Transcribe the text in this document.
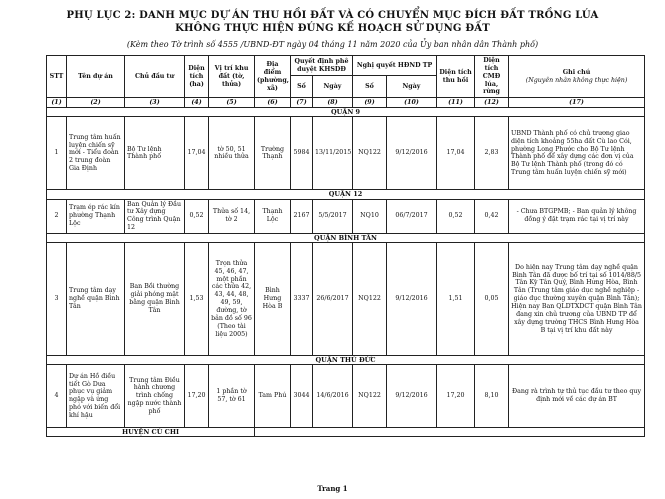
PHỤ LỤC 2: DANH MỤC DỰ ÁN THU HỒI ĐẤT VÀ CÓ CHUYỂN MỤC ĐÍCH ĐẤT TRỒNG LÚA
KHÔNG THỰC HIỆN ĐÚNG KẾ HOẠCH SỬ DỤNG ĐẤT
(Kèm theo Tờ trình số 4555 /UBND-ĐT ngày 04 tháng 11 năm 2020 của Ủy ban nhân dân Thành phố)
STT	Tên dự án	Chủ đầu tư	Diện tích (ha)	Vị trí khu đất (tờ, thửa)	Địa điểm (phường, xã)	Quyết định phê duyệt KHSDĐ		Nghị quyết HĐND TP		Diện tích thu hồi	Diện tích CMĐ lúa, rừng	Ghi chú
(Nguyên nhân không thực hiện)

						Số	Ngày	Số	Ngày			
(1)	(2)	(3)	(4)	(5)	(6)	(7)	(8)	(9)	(10)	(11)	(12)	(17)
QUẬN 9												
1	Trung tâm huấn luyện chiến sỹ mới - Tiểu đoàn 2 trung đoàn Gia Định	Bộ Tư lệnh Thành phố	17,04	tờ 50, 51 nhiều thửa	Trường Thạnh	5984	13/11/2015	NQ122	9/12/2016	17,04	2,83	UBND Thành phố có chủ trương giao diện tích khoảng 55ha đất Cù lao Cói, phường Long Phước cho Bộ Tư lệnh Thành phố để xây dựng các đơn vị của Bộ Tư lệnh Thành phố (trong đó có Trung tâm huấn luyện chiến sỹ mới)
QUẬN 12												
2	Trạm ép rác kín phường Thạnh Lộc	Ban Quản lý Đầu tư Xây dựng Công trình Quận 12	0,52	Thửa số 14, tờ 2	Thạnh Lộc	2167	5/5/2017	NQ10	06/7/2017	0,52	0,42	- Chưa BTGPMB; - Ban quản lý không đồng ý đặt trạm rác tại vị trí này
QUẬN BÌNH TÂN												
3	Trung tâm dạy nghề quận Bình Tân	Ban Bồi thường giải phóng mặt bằng quận Bình Tân	1,53	Trọn thửa 45, 46, 47, một phần các thửa 42, 43, 44, 48, 49, 59, đường, tờ bản đồ số 96 (Theo tài liệu 2005)	Bình Hưng Hòa B	3337	26/6/2017	NQ122	9/12/2016	1,51	0,05	Do hiện nay Trung tâm dạy nghề quận Bình Tân đã được bố trí tại số 1014/88/5 Tân Kỳ Tân Quý, Bình Hưng Hòa, Bình Tân (Trung tâm giáo dục nghề nghiệp - giáo dục thường xuyên quận Bình Tân); Hiện nay Ban QLDTXDCT quận Bình Tân đang xin chủ trương của UBND TP để xây dựng trường THCS Bình Hưng Hòa B tại vị trí khu đất này
QUẬN THỦ ĐỨC												
4	Dự án Hồ điều tiết Gò Dưa phục vụ giảm ngập và ứng phó với biến đổi khí hậu	Trung tâm Điều hành chương trình chống ngập nước thành phố	17,20	1 phần tờ 57, tờ 61	Tam Phú	3044	14/6/2016	NQ122	9/12/2016	17,20	8,10	Đang rà trình tự thủ tục đầu tư theo quy định mới về các dự án BT
HUYỆN CỦ CHI												
Trang 1
